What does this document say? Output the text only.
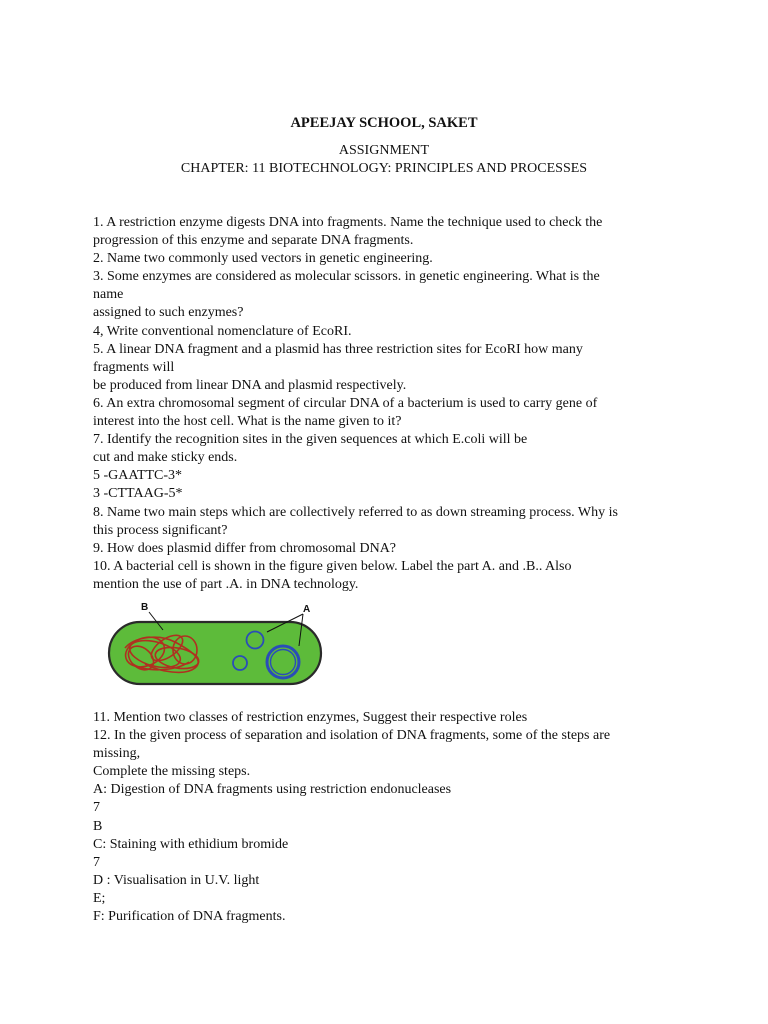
APEEJAY SCHOOL, SAKET
ASSIGNMENT
CHAPTER: 11 BIOTECHNOLOGY: PRINCIPLES AND PROCESSES
1. A restriction enzyme digests DNA into fragments. Name the technique used to check the
progression of this enzyme and separate DNA fragments.
2. Name two commonly used vectors in genetic engineering.
3. Some enzymes are considered as molecular scissors. in genetic engineering. What is the
name
assigned to such enzymes?
4, Write conventional nomenclature of EcoRI.
5. A linear DNA fragment and a plasmid has three restriction sites for EcoRI how many
fragments will
be produced from linear DNA and plasmid respectively.
6. An extra chromosomal segment of circular DNA of a bacterium is used to carry gene of
interest into the host cell. What is the name given to it?
7. Identify the recognition sites in the given sequences at which E.coli will be
cut and make sticky ends.
5 -GAATTC-3*
3 -CTTAAG-5*
8. Name two main steps which are collectively referred to as down streaming process. Why is
this process significant?
9. How does plasmid differ from chromosomal DNA?
10. A bacterial cell is shown in the figure given below. Label the part A. and .B.. Also
mention the use of part .A. in DNA technology.
B	A
11. Mention two classes of restriction enzymes, Suggest their respective roles
12. In the given process of separation and isolation of DNA fragments, some of the steps are
missing,
Complete the missing steps.
A: Digestion of DNA fragments using restriction endonucleases
7
B
C: Staining with ethidium bromide
7
D : Visualisation in U.V. light
E;
F: Purification of DNA fragments.
